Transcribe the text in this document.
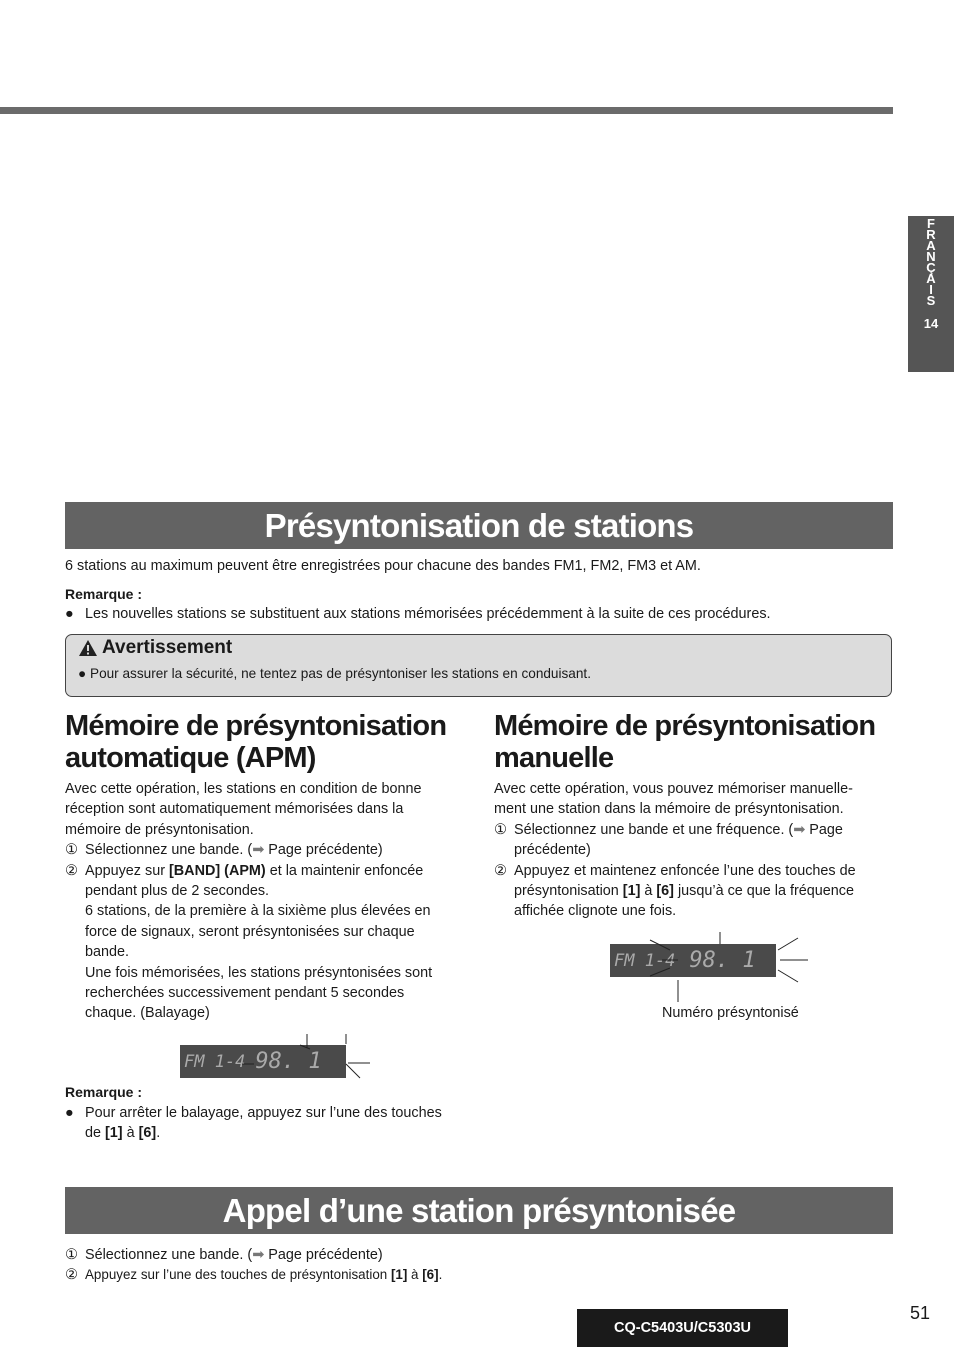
F
R
A
N
Ç
A
I
S
14
Présyntonisation de stations
6 stations au maximum peuvent être enregistrées pour chacune des bandes FM1, FM2, FM3 et AM.
Remarque :
● Les nouvelles stations se substituent aux stations mémorisées précédemment à la suite de ces procédures.
Avertissement
● Pour assurer la sécurité, ne tentez pas de présyntoniser les stations en conduisant.
Mémoire de présyntonisation
automatique (APM)
Avec cette opération, les stations en condition de bonne
réception sont automatiquement mémorisées dans la
mémoire de présyntonisation.
① Sélectionnez une bande. (➡ Page précédente)
② Appuyez sur [BAND] (APM) et la maintenir enfoncée
pendant plus de 2 secondes.
6 stations, de la première à la sixième plus élevées en
force de signaux, seront présyntonisées sur chaque
bande.
Une fois mémorisées, les stations présyntonisées sont
recherchées successivement pendant 5 secondes
chaque. (Balayage)
FM 1-4 98. 1
Remarque :
● Pour arrêter le balayage, appuyez sur l’une des touches
de [1] à [6].
Mémoire de présyntonisation
manuelle
Avec cette opération, vous pouvez mémoriser manuelle-
ment une station dans la mémoire de présyntonisation.
① Sélectionnez une bande et une fréquence. (➡ Page
précédente)
② Appuyez et maintenez enfoncée l’une des touches de
présyntonisation [1] à [6] jusqu’à ce que la fréquence
affichée clignote une fois.
FM 1-4 98. 1
Numéro présyntonisé
Appel d’une station présyntonisée
① Sélectionnez une bande. (➡ Page précédente)
② Appuyez sur l’une des touches de présyntonisation [1] à [6].
CQ-C5403U/C5303U
51
